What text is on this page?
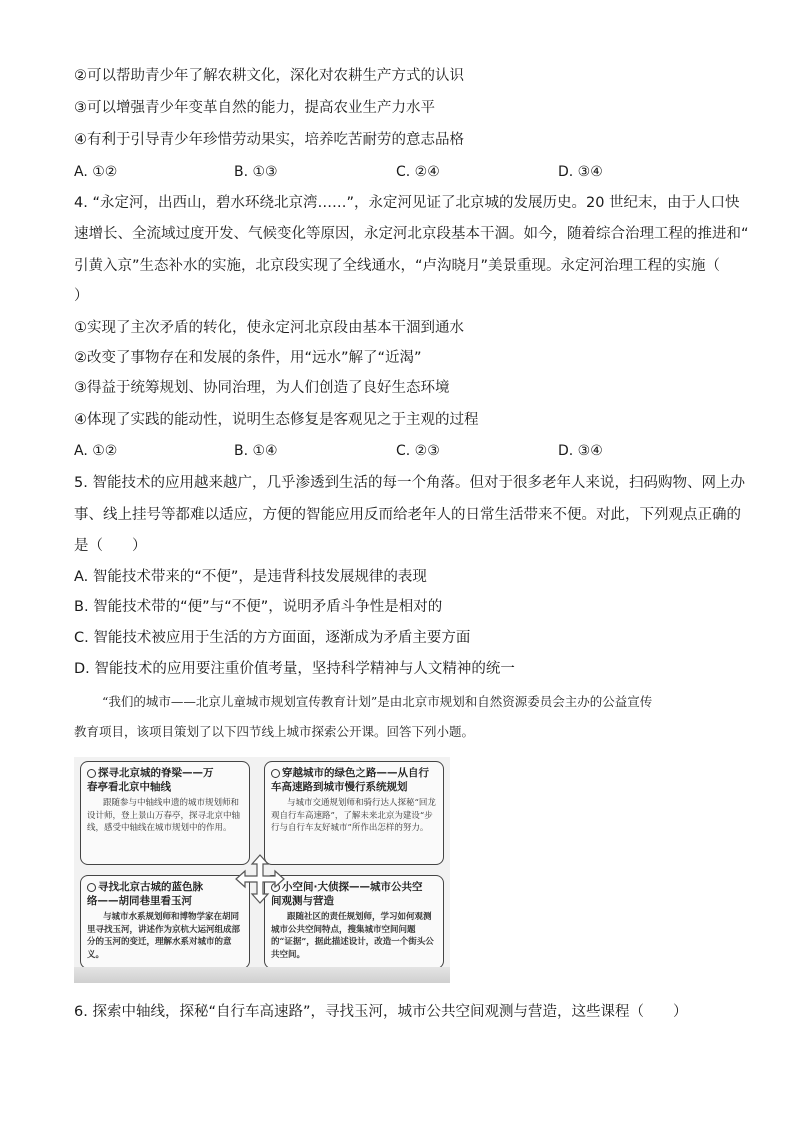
②可以帮助青少年了解农耕文化，深化对农耕生产方式的认识
③可以增强青少年变革自然的能力，提高农业生产力水平
④有利于引导青少年珍惜劳动果实，培养吃苦耐劳的意志品格
A. ①②	B. ①③	C. ②④	D. ③④
4. “永定河，出西山，碧水环绕北京湾……”，永定河见证了北京城的发展历史。20 世纪末，由于人口快
速增长、全流域过度开发、气候变化等原因，永定河北京段基本干涸。如今，随着综合治理工程的推进和“
引黄入京”生态补水的实施，北京段实现了全线通水，“卢沟晓月”美景重现。永定河治理工程的实施（
）
①实现了主次矛盾的转化，使永定河北京段由基本干涸到通水
②改变了事物存在和发展的条件，用“远水”解了“近渴”
③得益于统筹规划、协同治理，为人们创造了良好生态环境
④体现了实践的能动性，说明生态修复是客观见之于主观的过程
A. ①②	B. ①④	C. ②③	D. ③④
5. 智能技术的应用越来越广，几乎渗透到生活的每一个角落。但对于很多老年人来说，扫码购物、网上办
事、线上挂号等都难以适应，方便的智能应用反而给老年人的日常生活带来不便。对此，下列观点正确的
是（　　）
A. 智能技术带来的“不便”，是违背科技发展规律的表现
B. 智能技术带的“便”与“不便”，说明矛盾斗争性是相对的
C. 智能技术被应用于生活的方方面面，逐渐成为矛盾主要方面
D. 智能技术的应用要注重价值考量，坚持科学精神与人文精神的统一
“我们的城市——北京儿童城市规划宣传教育计划”是由北京市规划和自然资源委员会主办的公益宣传
教育项目，该项目策划了以下四节线上城市探索公开课。回答下列小题。
探寻北京城的脊梁——万
春亭看北京中轴线
跟随参与中轴线申遗的城市规划师和设计师，登上景山万春亭，探寻北京中轴线，感受中轴线在城市规划中的作用。
穿越城市的绿色之路——从自行
车高速路到城市慢行系统规划
与城市交通规划师和骑行达人探秘“回龙观自行车高速路”，了解未来北京为建设“步行与自行车友好城市”所作出怎样的努力。
寻找北京古城的蓝色脉
络——胡同巷里看玉河
与城市水系规划师和博物学家在胡同里寻找玉河，讲述作为京杭大运河组成部分的玉河的变迁，理解水系对城市的意义。
小空间·大侦探——城市公共空
间观测与营造
跟随社区的责任规划师，学习如何观测城市公共空间特点，搜集城市空间问题的“证据”，据此描述设计，改造一个街头公共空间。
6. 探索中轴线，探秘“自行车高速路”，寻找玉河，城市公共空间观测与营造，这些课程（　　）
